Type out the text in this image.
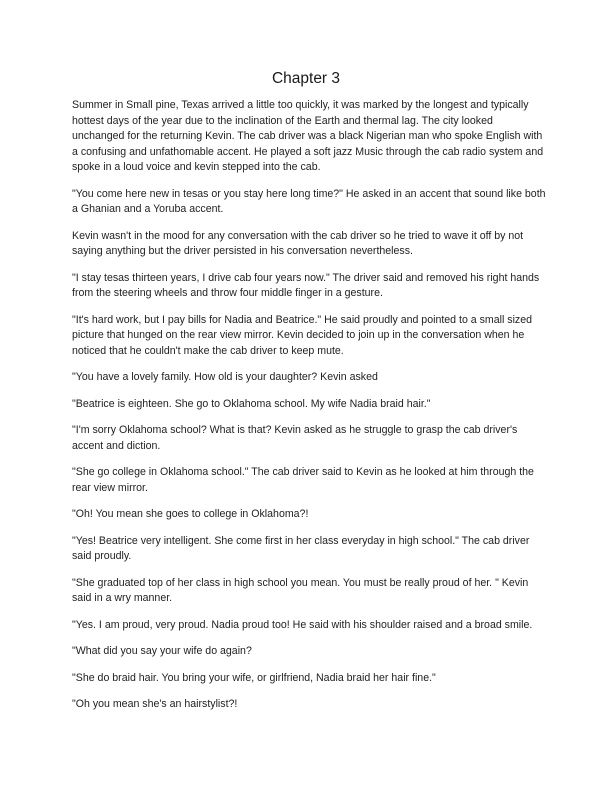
Chapter 3

Summer in Small pine, Texas arrived a little too quickly, it was marked by the longest and typically hottest days of the year due to the inclination of the Earth and thermal lag. The city looked unchanged for the returning Kevin. The cab driver was a black Nigerian man who spoke English with a confusing and unfathomable accent. He played a soft jazz Music through the cab radio system and spoke in a loud voice and kevin stepped into the cab.

"You come here new in tesas or you stay here long time?" He asked in an accent that sound like both a Ghanian and a Yoruba accent.

Kevin wasn't in the mood for any conversation with the cab driver so he tried to wave it off by not saying anything but the driver persisted in his conversation nevertheless.

"I stay tesas thirteen years, I drive cab four years now." The driver said and removed his right hands from the steering wheels and throw four middle finger in a gesture.

"It's hard work, but I pay bills for Nadia and Beatrice." He said proudly and pointed to a small sized picture that hunged on the rear view mirror. Kevin decided to join up in the conversation when he noticed that he couldn't make the cab driver to keep mute.

"You have a lovely family. How old is your daughter? Kevin asked

"Beatrice is eighteen. She go to Oklahoma school. My wife Nadia braid hair."

"I'm sorry Oklahoma school? What is that? Kevin asked as he struggle to grasp the cab driver's accent and diction.

"She go college in Oklahoma school." The cab driver said to Kevin as he looked at him through the rear view mirror.

"Oh! You mean she goes to college in Oklahoma?!

"Yes! Beatrice very intelligent. She come first in her class everyday in high school." The cab driver said proudly.

"She graduated top of her class in high school you mean. You must be really proud of her. " Kevin said in a wry manner.

"Yes. I am proud, very proud. Nadia proud too! He said with his shoulder raised and a broad smile.

"What did you say your wife do again?

"She do braid hair. You bring your wife, or girlfriend, Nadia braid her hair fine."

"Oh you mean she's an hairstylist?!
